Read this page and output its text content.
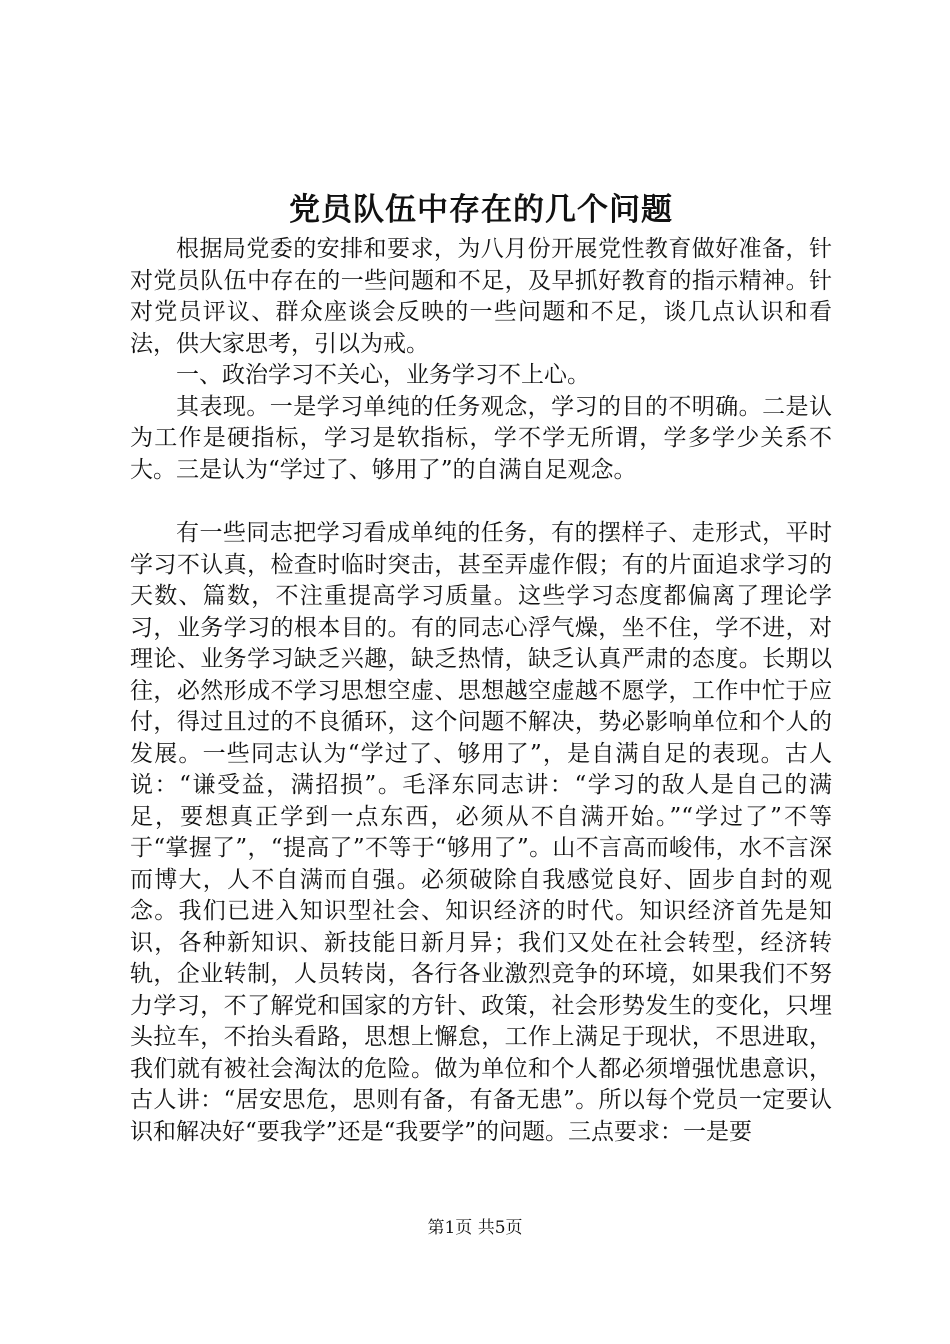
党员队伍中存在的几个问题

根据局党委的安排和要求，为八月份开展党性教育做好准备，针对党员队伍中存在的一些问题和不足，及早抓好教育的指示精神。针对党员评议、群众座谈会反映的一些问题和不足，谈几点认识和看法，供大家思考，引以为戒。

一、政治学习不关心，业务学习不上心。

其表现。一是学习单纯的任务观念，学习的目的不明确。二是认为工作是硬指标，学习是软指标，学不学无所谓，学多学少关系不大。三是认为“学过了、够用了”的自满自足观念。

有一些同志把学习看成单纯的任务，有的摆样子、走形式，平时学习不认真，检查时临时突击，甚至弄虚作假；有的片面追求学习的天数、篇数，不注重提高学习质量。这些学习态度都偏离了理论学习，业务学习的根本目的。有的同志心浮气燥，坐不住，学不进，对理论、业务学习缺乏兴趣，缺乏热情，缺乏认真严肃的态度。长期以往，必然形成不学习思想空虚、思想越空虚越不愿学，工作中忙于应付，得过且过的不良循环，这个问题不解决，势必影响单位和个人的发展。一些同志认为“学过了、够用了”，是自满自足的表现。古人说：“谦受益，满招损”。毛泽东同志讲：“学习的敌人是自己的满足，要想真正学到一点东西，必须从不自满开始。”“学过了”不等于“掌握了”，“提高了”不等于“够用了”。山不言高而峻伟，水不言深而博大，人不自满而自强。必须破除自我感觉良好、固步自封的观念。我们已进入知识型社会、知识经济的时代。知识经济首先是知识，各种新知识、新技能日新月异；我们又处在社会转型，经济转轨，企业转制，人员转岗，各行各业激烈竞争的环境，如果我们不努力学习，不了解党和国家的方针、政策，社会形势发生的变化，只埋头拉车，不抬头看路，思想上懈怠，工作上满足于现状，不思进取，我们就有被社会淘汰的危险。做为单位和个人都必须增强忧患意识，古人讲：“居安思危，思则有备，有备无患”。所以每个党员一定要认识和解决好“要我学”还是“我要学”的问题。三点要求：一是要

第1页 共5页
